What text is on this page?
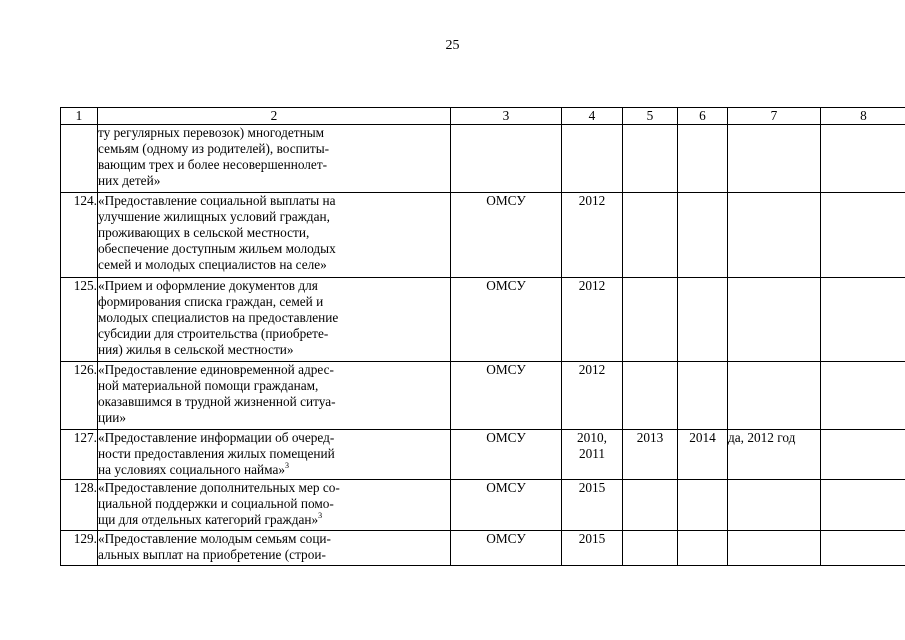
25
1	2	3	4	5	6	7	8

	ту регулярных перевозок) многодетным
семьям (одному из родителей), воспиты-
вающим трех и более несовершеннолет-
них детей»						

124.	«Предоставление социальной выплаты на
улучшение жилищных условий граждан,
проживающих в сельской местности,
обеспечение доступным жильем молодых
семей и молодых специалистов на селе»	ОМСУ	2012				

125.	«Прием и оформление документов для
формирования списка граждан, семей и
молодых специалистов на предоставление
субсидии для строительства (приобрете-
ния) жилья в сельской местности»	ОМСУ	2012				

126.	«Предоставление единовременной адрес-
ной материальной помощи гражданам,
оказавшимся в трудной жизненной ситуа-
ции»	ОМСУ	2012				

127.	«Предоставление информации об очеред-
ности предоставления жилых помещений
на условиях социального найма»$^3$	ОМСУ	2010,
2011	2013	2014	да, 2012 год	
128.	«Предоставление дополнительных мер со-
циальной поддержки и социальной помо-
щи для отдельных категорий граждан»$^3$	ОМСУ	2015				

129.	«Предоставление молодым семьям соци-
альных выплат на приобретение (строи-	ОМСУ	2015				
